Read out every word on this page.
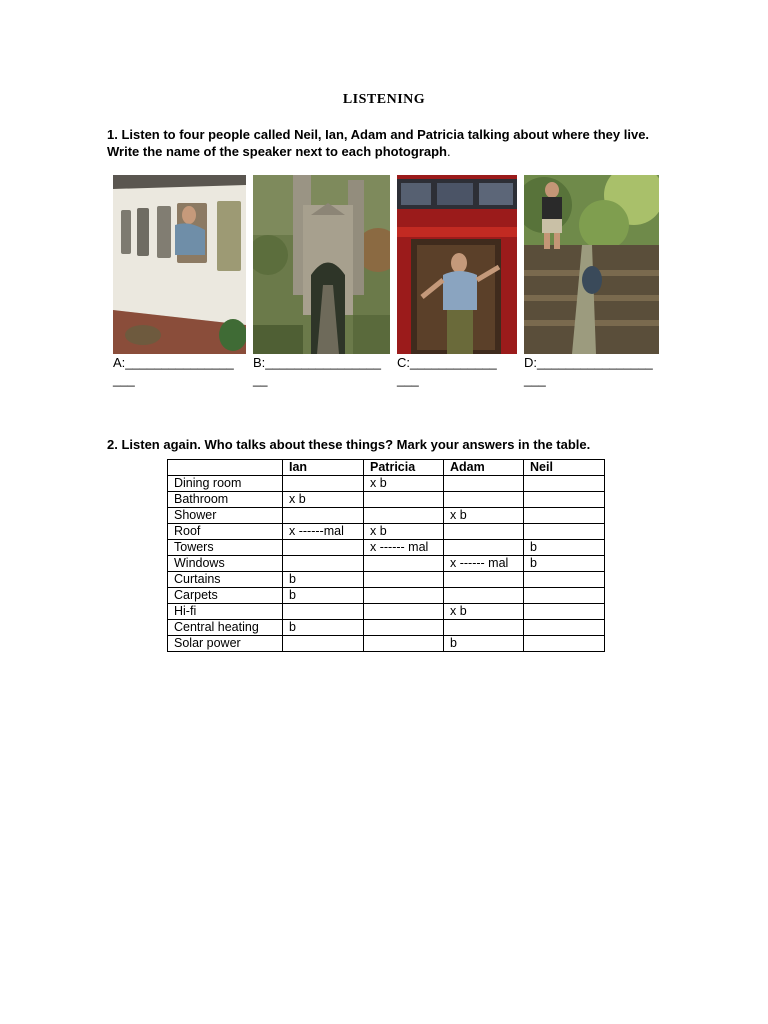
LISTENING
1. Listen to four people called Neil, Ian, Adam and Patricia talking about where they live. Write the name of the speaker next to each photograph.
A:_______________
___
B:________________
__
C:____________
___
D:________________
___
2. Listen again. Who talks about these things? Mark your answers in the table.
	Ian	Patricia	Adam	Neil
Dining room		x b		
Bathroom	x b			
Shower			x b	
Roof	x ------mal	x b		
Towers		x ------ mal		b
Windows			x ------ mal	b
Curtains	b			
Carpets	b			
Hi-fi			x b	
Central heating	b			
Solar power			b	
